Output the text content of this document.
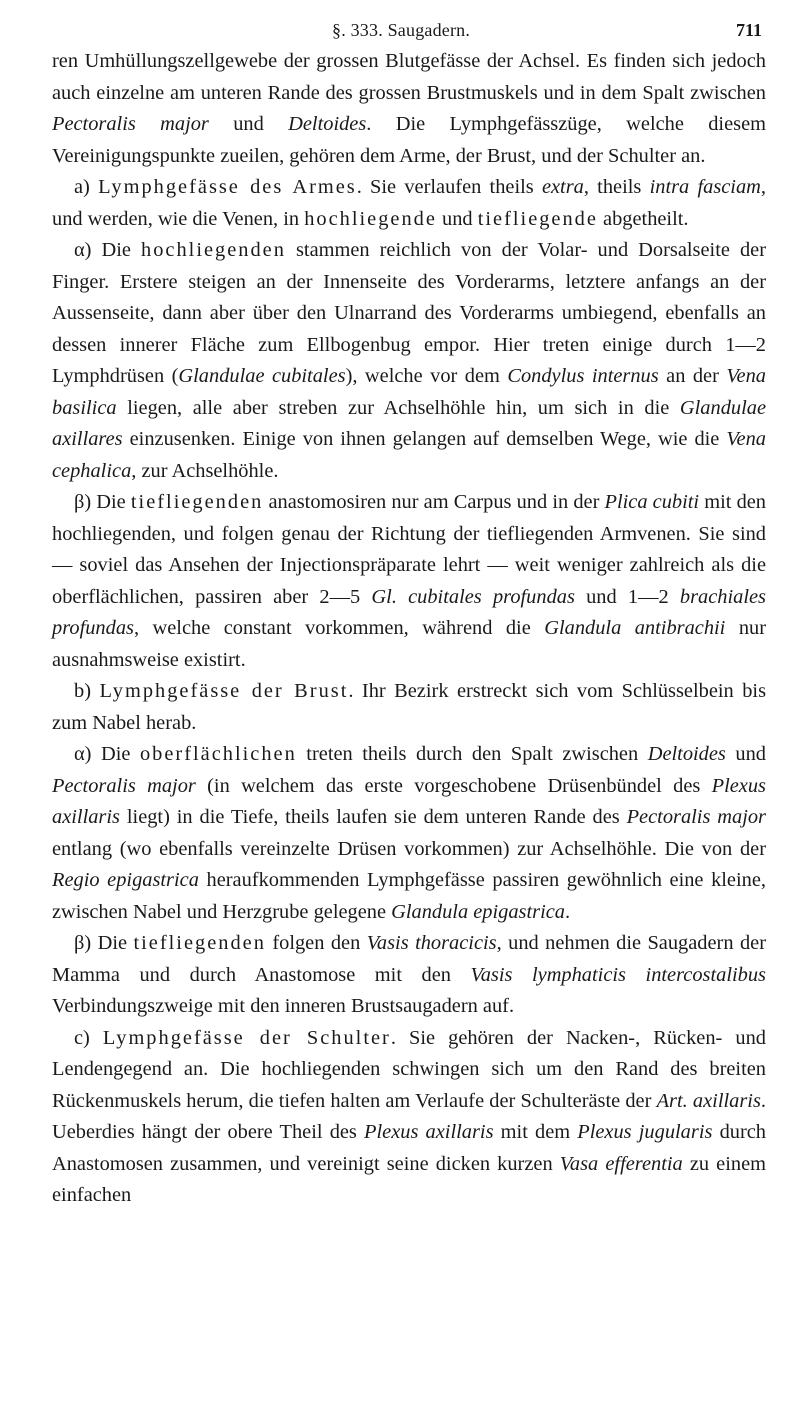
§. 333. Saugadern.	711

ren Umhüllungszellgewebe der grossen Blutgefässe der Achsel. Es finden sich jedoch auch einzelne am unteren Rande des grossen Brustmuskels und in dem Spalt zwischen Pectoralis major und Deltoides. Die Lymphgefässzüge, welche diesem Vereinigungspunkte zueilen, gehören dem Arme, der Brust, und der Schulter an.

a) Lymphgefässe des Armes. Sie verlaufen theils extra, theils intra fasciam, und werden, wie die Venen, in hochliegende und tiefliegende abgetheilt.

α) Die hochliegenden stammen reichlich von der Volar- und Dorsalseite der Finger. Erstere steigen an der Innenseite des Vorderarms, letztere anfangs an der Aussenseite, dann aber über den Ulnarrand des Vorderarms umbiegend, ebenfalls an dessen innerer Fläche zum Ellbogenbug empor. Hier treten einige durch 1—2 Lymphdrüsen (Glandulae cubitales), welche vor dem Condylus internus an der Vena basilica liegen, alle aber streben zur Achselhöhle hin, um sich in die Glandulae axillares einzusenken. Einige von ihnen gelangen auf demselben Wege, wie die Vena cephalica, zur Achselhöhle.

β) Die tiefliegenden anastomosiren nur am Carpus und in der Plica cubiti mit den hochliegenden, und folgen genau der Richtung der tiefliegenden Armvenen. Sie sind — soviel das Ansehen der Injectionspräparate lehrt — weit weniger zahlreich als die oberflächlichen, passiren aber 2—5 Gl. cubitales profundas und 1—2 brachiales profundas, welche constant vorkommen, während die Glandula antibrachii nur ausnahmsweise existirt.

b) Lymphgefässe der Brust. Ihr Bezirk erstreckt sich vom Schlüsselbein bis zum Nabel herab.

α) Die oberflächlichen treten theils durch den Spalt zwischen Deltoides und Pectoralis major (in welchem das erste vorgeschobene Drüsenbündel des Plexus axillaris liegt) in die Tiefe, theils laufen sie dem unteren Rande des Pectoralis major entlang (wo ebenfalls vereinzelte Drüsen vorkommen) zur Achselhöhle. Die von der Regio epigastrica heraufkommenden Lymphgefässe passiren gewöhnlich eine kleine, zwischen Nabel und Herzgrube gelegene Glandula epigastrica.

β) Die tiefliegenden folgen den Vasis thoracicis, und nehmen die Saugadern der Mamma und durch Anastomose mit den Vasis lymphaticis intercostalibus Verbindungszweige mit den inneren Brustsaugadern auf.

c) Lymphgefässe der Schulter. Sie gehören der Nacken-, Rücken- und Lendengegend an. Die hochliegenden schwingen sich um den Rand des breiten Rückenmuskels herum, die tiefen halten am Verlaufe der Schulteräste der Art. axillaris. Ueberdies hängt der obere Theil des Plexus axillaris mit dem Plexus jugularis durch Anastomosen zusammen, und vereinigt seine dicken kurzen Vasa efferentia zu einem einfachen
